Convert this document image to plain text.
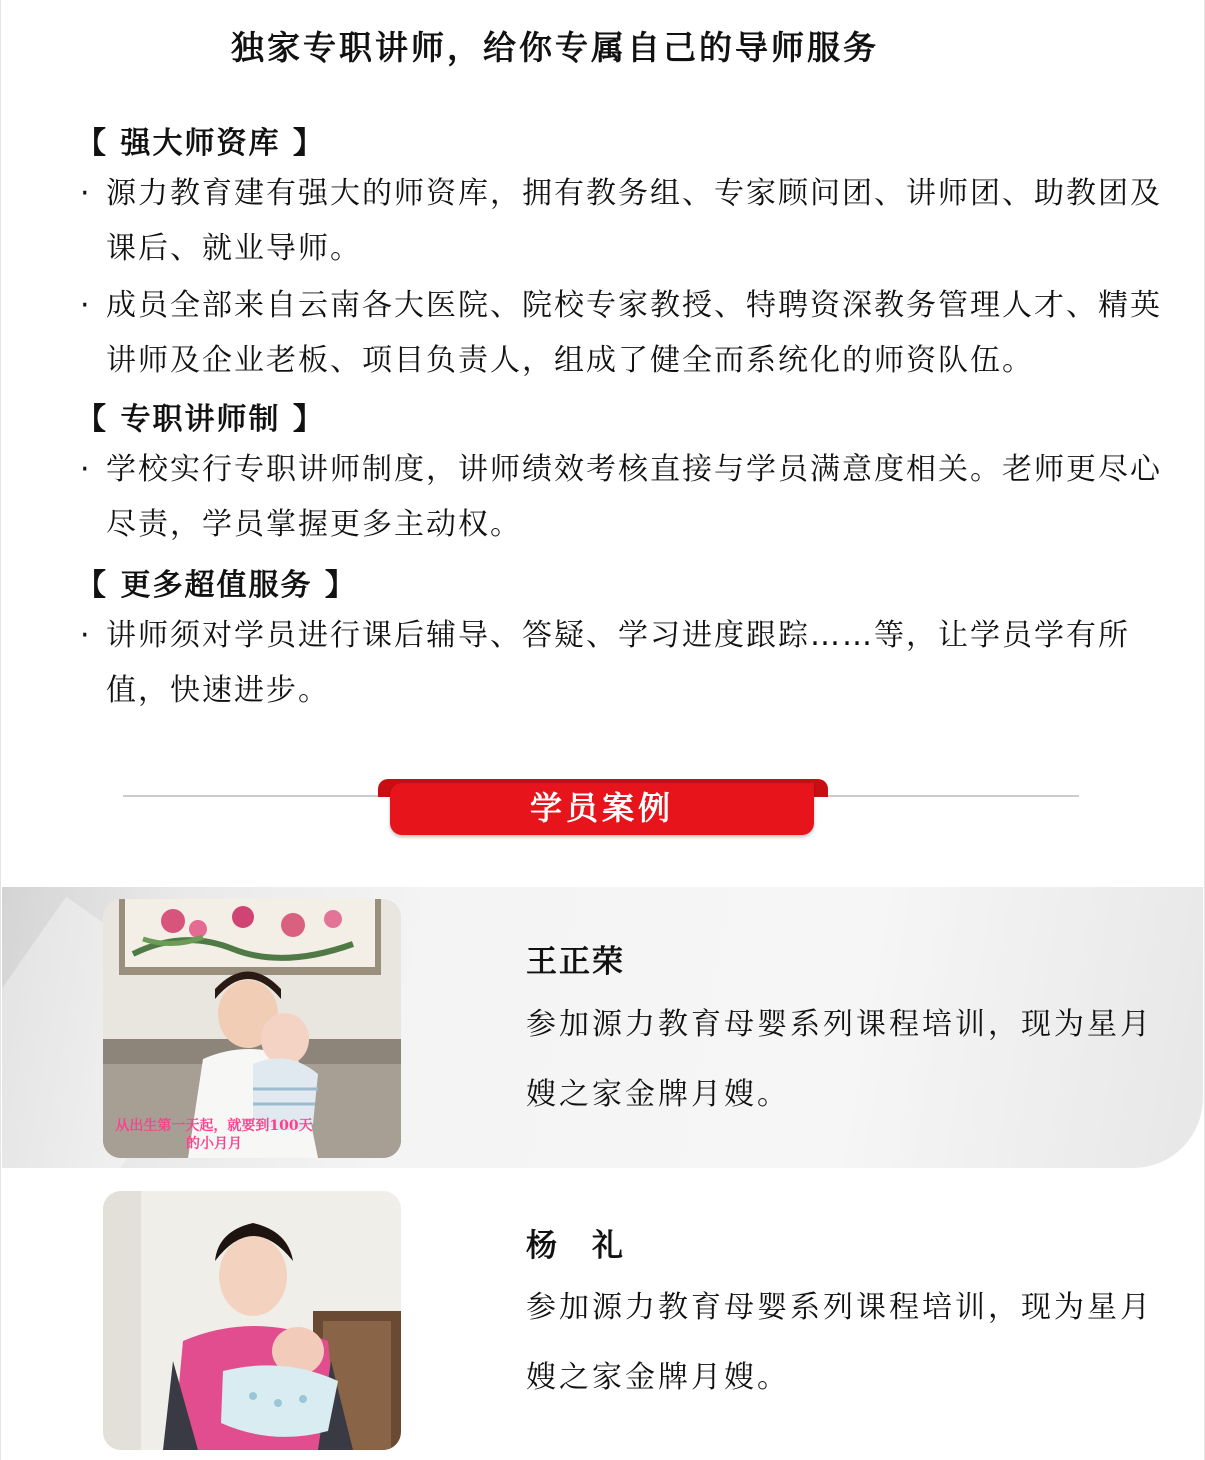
独家专职讲师，给你专属自己的导师服务
【 强大师资库 】
· 源力教育建有强大的师资库，拥有教务组、专家顾问团、讲师团、助教团及课后、就业导师。
· 成员全部来自云南各大医院、院校专家教授、特聘资深教务管理人才、精英讲师及企业老板、项目负责人，组成了健全而系统化的师资队伍。
【 专职讲师制 】
· 学校实行专职讲师制度，讲师绩效考核直接与学员满意度相关。老师更尽心尽责，学员掌握更多主动权。
【 更多超值服务 】
· 讲师须对学员进行课后辅导、答疑、学习进度跟踪……等，让学员学有所值，快速进步。
学员案例
从出生第一天起，就要到100天的小月月
王正荣
参加源力教育母婴系列课程培训，现为星月嫂之家金牌月嫂。
杨　礼
参加源力教育母婴系列课程培训，现为星月嫂之家金牌月嫂。
